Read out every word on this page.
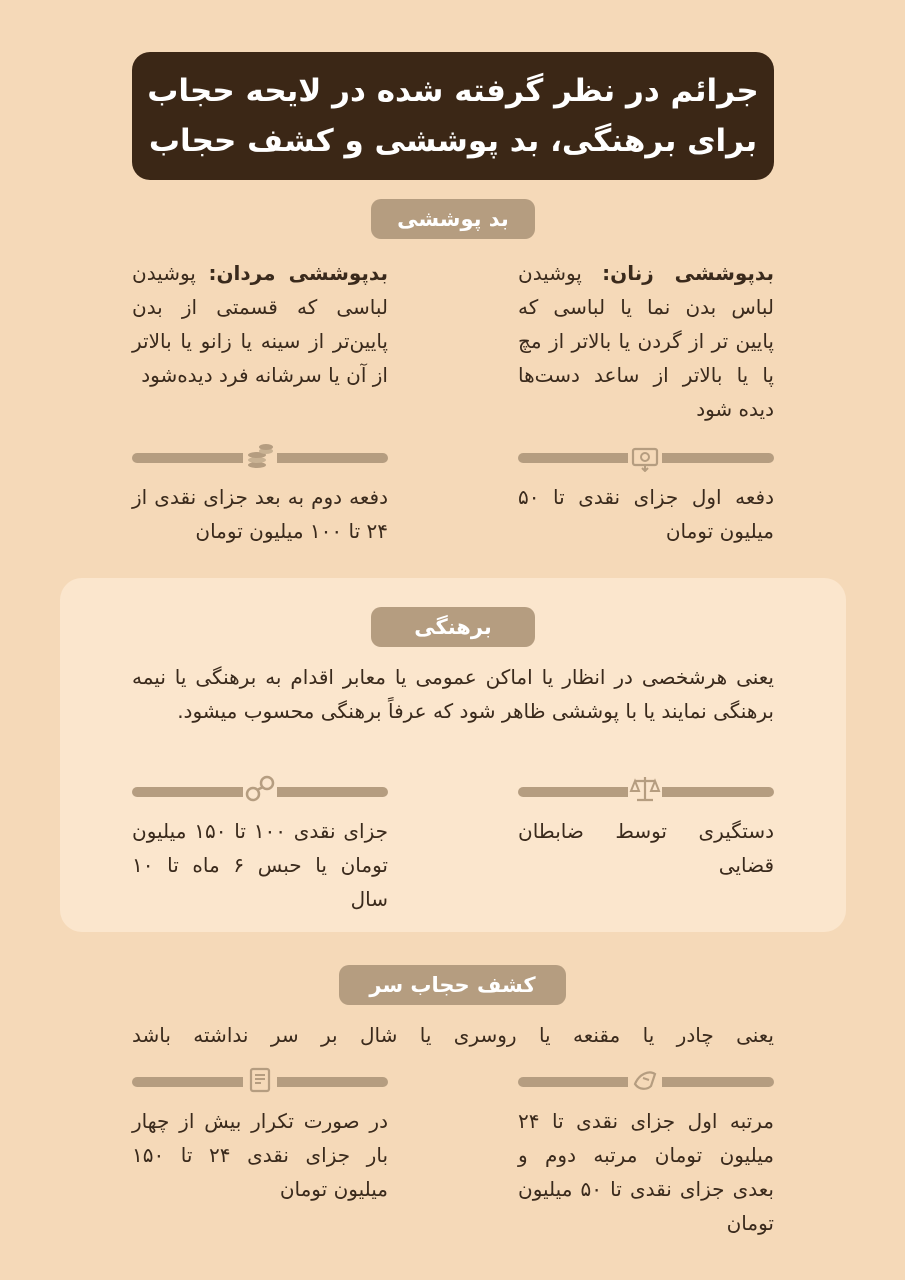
جرائم در نظر گرفته شده در لایحه حجاب
برای برهنگی، بد پوششی و کشف حجاب
بد پوششی
بدپوششی زنان: پوشیدن لباس بدن نما یا لباسی که پایین تر از گردن یا بالاتر از مچ پا یا بالاتر از ساعد دست‌ها دیده شود
بدپوششی مردان: پوشیدن لباسی که قسمتی از بدن پایین‌تر از سینه یا زانو یا بالاتر از آن یا سرشانه فرد دیده‌شود
دفعه اول جزای نقدی تا ۵۰ میلیون تومان
دفعه دوم به بعد جزای نقدی از ۲۴ تا ۱۰۰ میلیون تومان
برهنگی
یعنی هرشخصی در انظار یا اماکن عمومی یا معابر اقدام به برهنگی یا نیمه برهنگی نمایند یا با پوششی ظاهر شود که عرفاً برهنگی محسوب میشود.
دستگیری توسط ضابطان قضایی
جزای نقدی ۱۰۰ تا ۱۵۰ میلیون تومان یا حبس ۶ ماه تا ۱۰ سال
کشف حجاب سر
یعنی چادر یا مقنعه یا روسری یا شال بر سر نداشته باشد
مرتبه اول جزای نقدی تا ۲۴ میلیون تومان مرتبه دوم و بعدی جزای نقدی تا ۵۰ میلیون تومان
در صورت تکرار بیش از چهار بار جزای نقدی ۲۴ تا ۱۵۰ میلیون تومان
